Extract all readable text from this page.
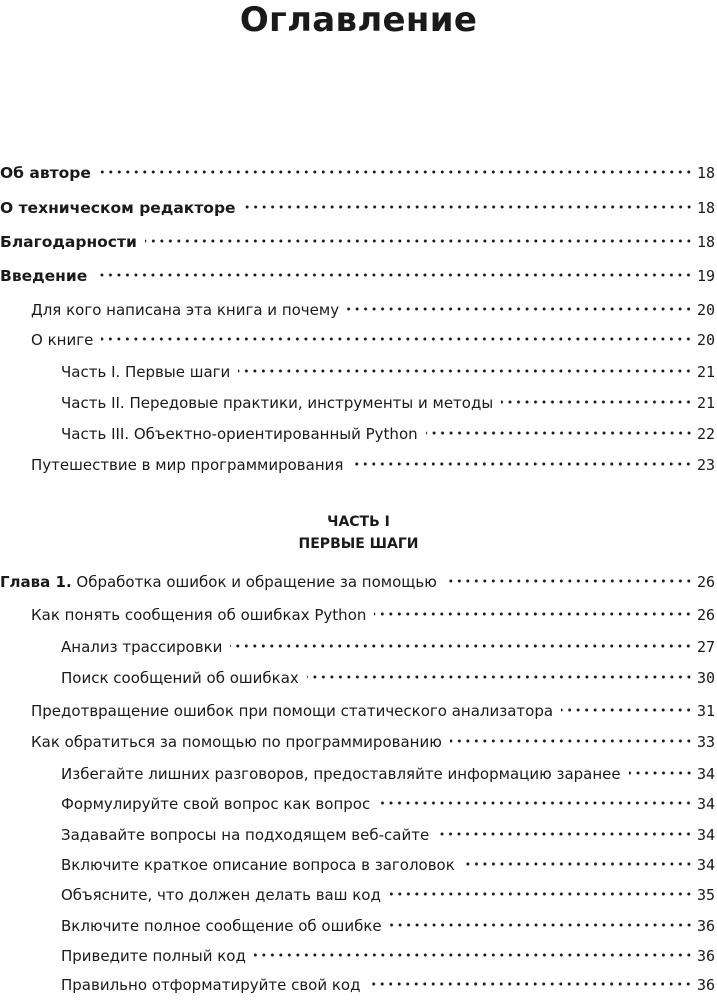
Оглавление
Об авторе	18
О техническом редакторе	18
Благодарности	18
Введение	19
Для кого написана эта книга и почему	20
О книге	20
Часть I. Первые шаги	21
Часть II. Передовые практики, инструменты и методы	21
Часть III. Объектно-ориентированный Python	22
Путешествие в мир программирования	23
ЧАСТЬ I
ПЕРВЫЕ ШАГИ
Глава 1. Обработка ошибок и обращение за помощью	26
Как понять сообщения об ошибках Python	26
Анализ трассировки	27
Поиск сообщений об ошибках	30
Предотвращение ошибок при помощи статического анализатора	31
Как обратиться за помощью по программированию	33
Избегайте лишних разговоров, предоставляйте информацию заранее	34
Формулируйте свой вопрос как вопрос	34
Задавайте вопросы на подходящем веб-сайте	34
Включите краткое описание вопроса в заголовок	34
Объясните, что должен делать ваш код	35
Включите полное сообщение об ошибке	36
Приведите полный код	36
Правильно отформатируйте свой код	36
